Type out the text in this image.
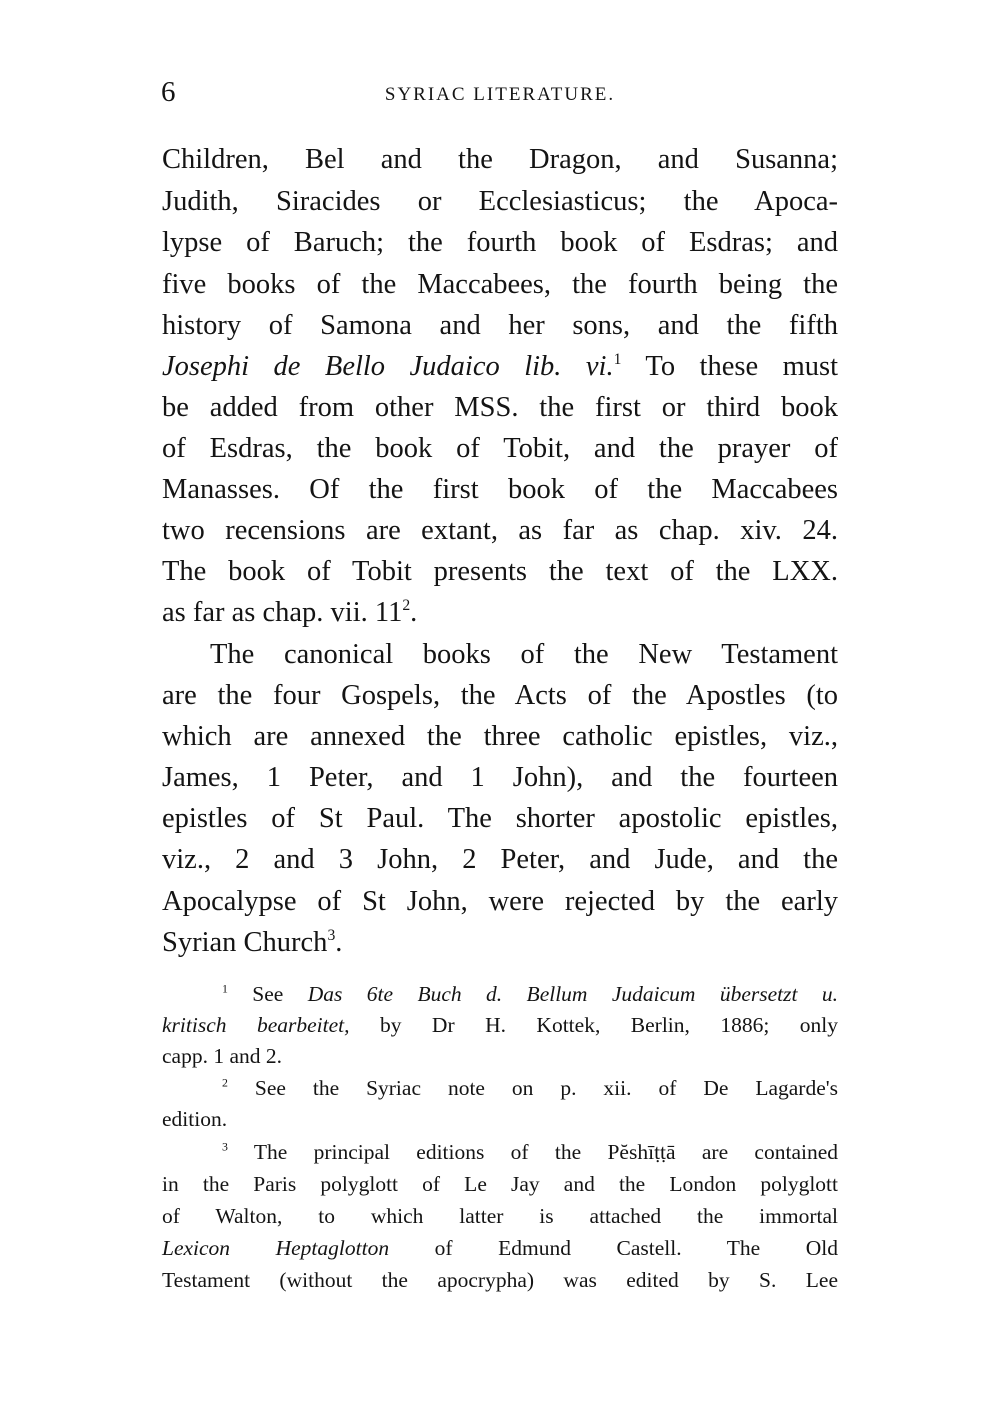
6	SYRIAC LITERATURE.
Children, Bel and the Dragon, and Susanna;
Judith, Siracides or Ecclesiasticus; the Apoca-
lypse of Baruch; the fourth book of Esdras; and
five books of the Maccabees, the fourth being the
history of Samona and her sons, and the fifth
Josephi de Bello Judaico lib. vi.$^1$ To these must
be added from other MSS. the first or third book
of Esdras, the book of Tobit, and the prayer of
Manasses. Of the first book of the Maccabees
two recensions are extant, as far as chap. xiv. 24.
The book of Tobit presents the text of the LXX.
as far as chap. vii. $11^2$.
The canonical books of the New Testament
are the four Gospels, the Acts of the Apostles (to
which are annexed the three catholic epistles, viz.,
James, 1 Peter, and 1 John), and the fourteen
epistles of St Paul. The shorter apostolic epistles,
viz., 2 and 3 John, 2 Peter, and Jude, and the
Apocalypse of St John, were rejected by the early
Syrian Church$^3$.
$^1$ See Das 6te Buch d. Bellum Judaicum übersetzt u.
kritisch bearbeitet, by Dr H. Kottek, Berlin, 1886; only
capp. 1 and 2.
$^2$ See the Syriac note on p. xii. of De Lagarde's
edition.
$^3$ The principal editions of the Pĕshīṭṭā are contained
in the Paris polyglott of Le Jay and the London polyglott
of Walton, to which latter is attached the immortal
Lexicon Heptaglotton of Edmund Castell. The Old
Testament (without the apocrypha) was edited by S. Lee
